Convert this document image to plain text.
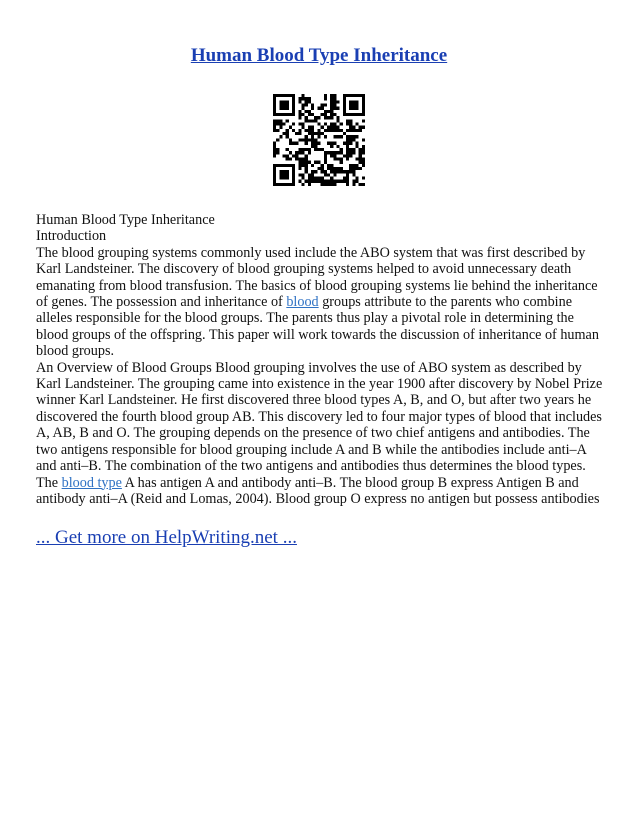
Human Blood Type Inheritance
Human Blood Type Inheritance
Introduction
The blood grouping systems commonly used include the ABO system that was first described by
Karl Landsteiner. The discovery of blood grouping systems helped to avoid unnecessary death
emanating from blood transfusion. The basics of blood grouping systems lie behind the inheritance
of genes. The possession and inheritance of blood groups attribute to the parents who combine
alleles responsible for the blood groups. The parents thus play a pivotal role in determining the
blood groups of the offspring. This paper will work towards the discussion of inheritance of human
blood groups.
An Overview of Blood Groups Blood grouping involves the use of ABO system as described by
Karl Landsteiner. The grouping came into existence in the year 1900 after discovery by Nobel Prize
winner Karl Landsteiner. He first discovered three blood types A, B, and O, but after two years he
discovered the fourth blood group AB. This discovery led to four major types of blood that includes
A, AB, B and O. The grouping depends on the presence of two chief antigens and antibodies. The
two antigens responsible for blood grouping include A and B while the antibodies include anti–A
and anti–B. The combination of the two antigens and antibodies thus determines the blood types.
The blood type A has antigen A and antibody anti–B. The blood group B express Antigen B and
antibody anti–A (Reid and Lomas, 2004). Blood group O express no antigen but possess antibodies
... Get more on HelpWriting.net ...
